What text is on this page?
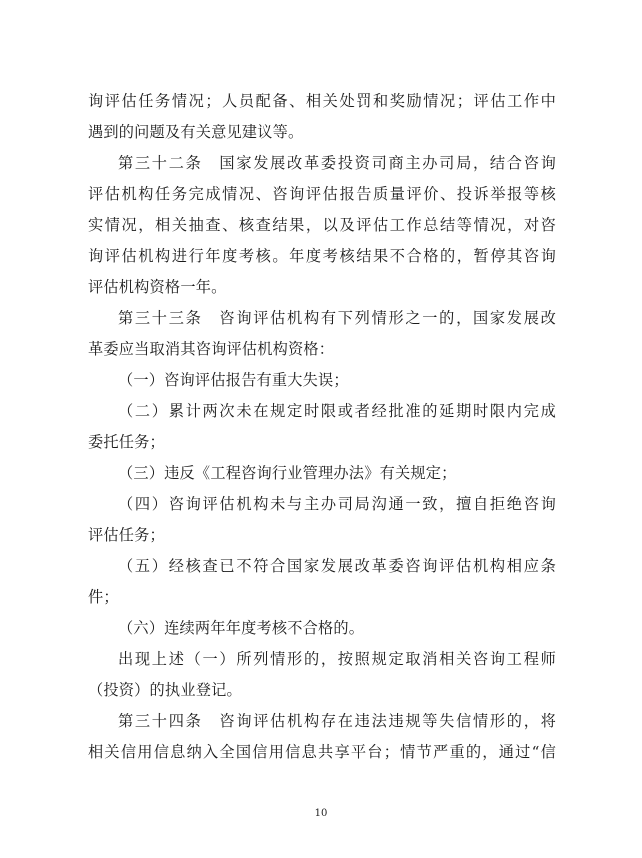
询评估任务情况；人员配备、相关处罚和奖励情况；评估工作中
遇到的问题及有关意见建议等。
第三十二条　国家发展改革委投资司商主办司局，结合咨询
评估机构任务完成情况、咨询评估报告质量评价、投诉举报等核
实情况，相关抽查、核查结果，以及评估工作总结等情况，对咨
询评估机构进行年度考核。年度考核结果不合格的，暂停其咨询
评估机构资格一年。
第三十三条　咨询评估机构有下列情形之一的，国家发展改
革委应当取消其咨询评估机构资格：
（一）咨询评估报告有重大失误；
（二）累计两次未在规定时限或者经批准的延期时限内完成
委托任务；
（三）违反《工程咨询行业管理办法》有关规定；
（四）咨询评估机构未与主办司局沟通一致，擅自拒绝咨询
评估任务；
（五）经核查已不符合国家发展改革委咨询评估机构相应条
件；
（六）连续两年年度考核不合格的。
出现上述（一）所列情形的，按照规定取消相关咨询工程师
（投资）的执业登记。
第三十四条　咨询评估机构存在违法违规等失信情形的，将
相关信用信息纳入全国信用信息共享平台；情节严重的，通过“信
10
